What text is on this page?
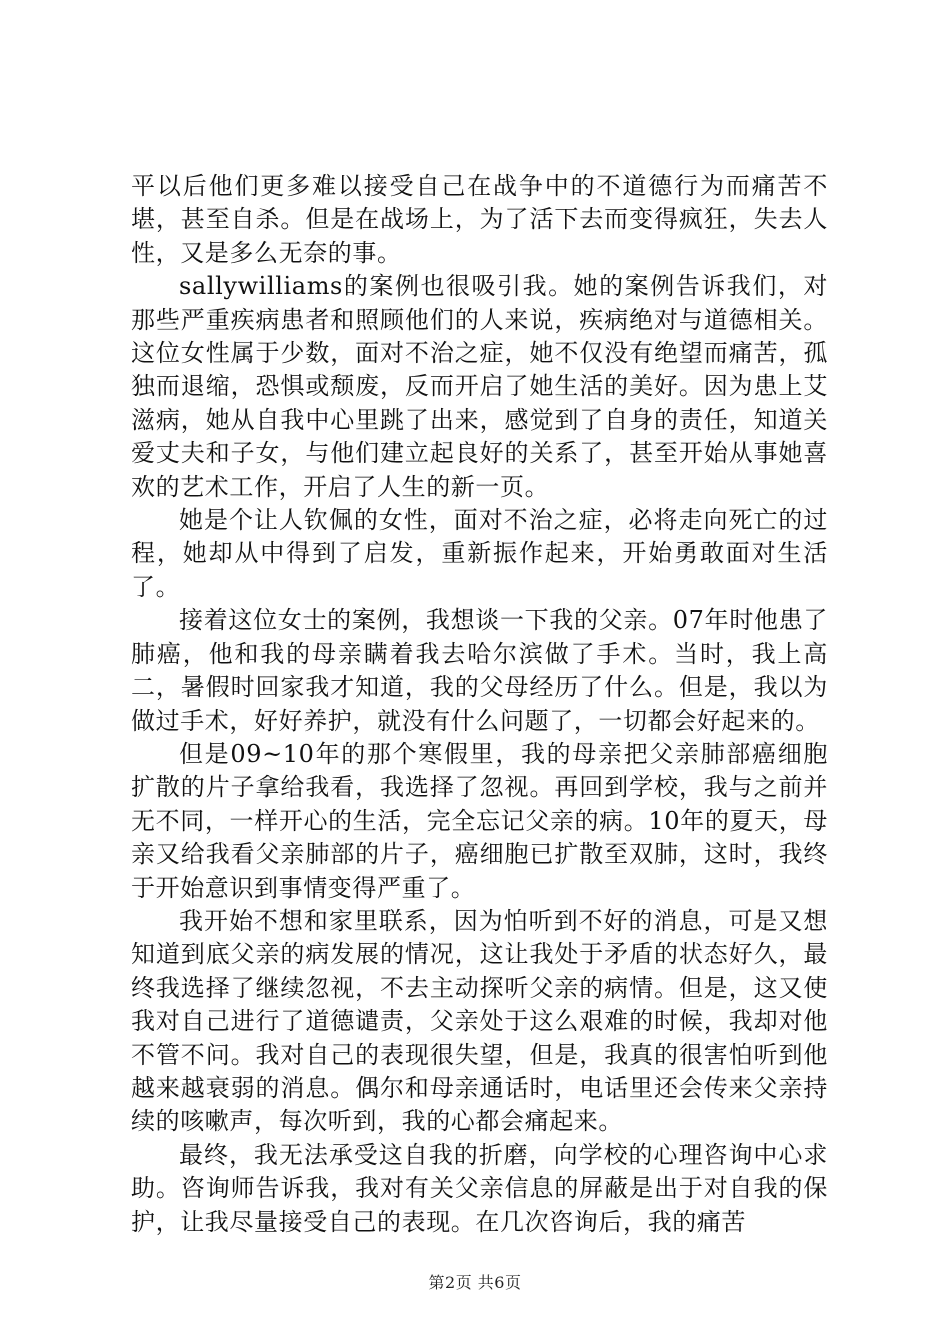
平以后他们更多难以接受自己在战争中的不道德行为而痛苦不堪，甚至自杀。但是在战场上，为了活下去而变得疯狂，失去人性，又是多么无奈的事。

sallywilliams的案例也很吸引我。她的案例告诉我们，对那些严重疾病患者和照顾他们的人来说，疾病绝对与道德相关。这位女性属于少数，面对不治之症，她不仅没有绝望而痛苦，孤独而退缩，恐惧或颓废，反而开启了她生活的美好。因为患上艾滋病，她从自我中心里跳了出来，感觉到了自身的责任，知道关爱丈夫和子女，与他们建立起良好的关系了，甚至开始从事她喜欢的艺术工作，开启了人生的新一页。

她是个让人钦佩的女性，面对不治之症，必将走向死亡的过程，她却从中得到了启发，重新振作起来，开始勇敢面对生活了。

接着这位女士的案例，我想谈一下我的父亲。07年时他患了肺癌，他和我的母亲瞒着我去哈尔滨做了手术。当时，我上高二，暑假时回家我才知道，我的父母经历了什么。但是，我以为做过手术，好好养护，就没有什么问题了，一切都会好起来的。

但是09~10年的那个寒假里，我的母亲把父亲肺部癌细胞扩散的片子拿给我看，我选择了忽视。再回到学校，我与之前并无不同，一样开心的生活，完全忘记父亲的病。10年的夏天，母亲又给我看父亲肺部的片子，癌细胞已扩散至双肺，这时，我终于开始意识到事情变得严重了。

我开始不想和家里联系，因为怕听到不好的消息，可是又想知道到底父亲的病发展的情况，这让我处于矛盾的状态好久，最终我选择了继续忽视，不去主动探听父亲的病情。但是，这又使我对自己进行了道德谴责，父亲处于这么艰难的时候，我却对他不管不问。我对自己的表现很失望，但是，我真的很害怕听到他越来越衰弱的消息。偶尔和母亲通话时，电话里还会传来父亲持续的咳嗽声，每次听到，我的心都会痛起来。

最终，我无法承受这自我的折磨，向学校的心理咨询中心求助。咨询师告诉我，我对有关父亲信息的屏蔽是出于对自我的保护，让我尽量接受自己的表现。在几次咨询后，我的痛苦

第2页 共6页
